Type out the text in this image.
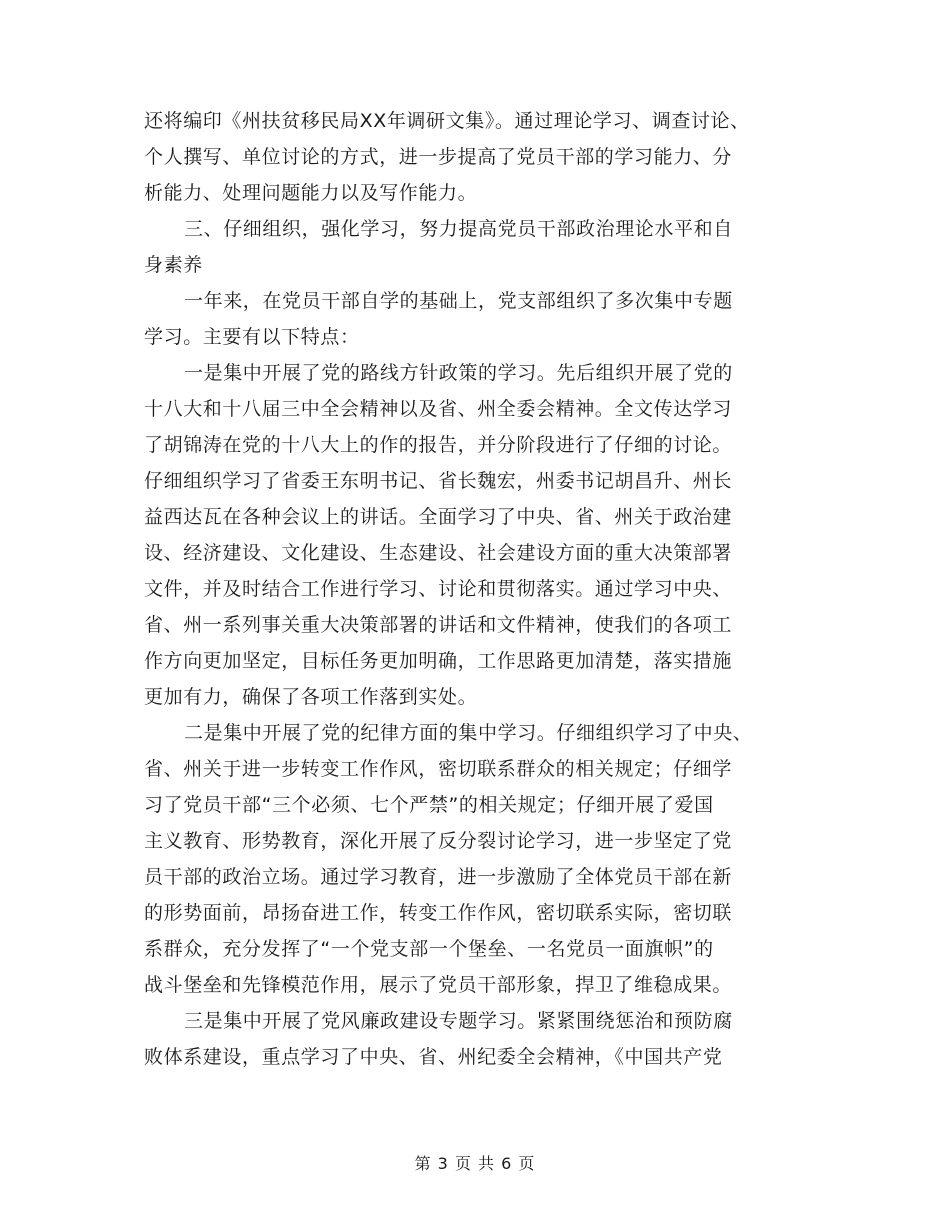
还将编印《州扶贫移民局XX年调研文集》。通过理论学习、调查讨论、
个人撰写、单位讨论的方式，进一步提高了党员干部的学习能力、分
析能力、处理问题能力以及写作能力。
三、仔细组织，强化学习，努力提高党员干部政治理论水平和自
身素养
一年来，在党员干部自学的基础上，党支部组织了多次集中专题
学习。主要有以下特点：
一是集中开展了党的路线方针政策的学习。先后组织开展了党的
十八大和十八届三中全会精神以及省、州全委会精神。全文传达学习
了胡锦涛在党的十八大上的作的报告，并分阶段进行了仔细的讨论。
仔细组织学习了省委王东明书记、省长魏宏，州委书记胡昌升、州长
益西达瓦在各种会议上的讲话。全面学习了中央、省、州关于政治建
设、经济建设、文化建设、生态建设、社会建设方面的重大决策部署
文件，并及时结合工作进行学习、讨论和贯彻落实。通过学习中央、
省、州一系列事关重大决策部署的讲话和文件精神，使我们的各项工
作方向更加坚定，目标任务更加明确，工作思路更加清楚，落实措施
更加有力，确保了各项工作落到实处。
二是集中开展了党的纪律方面的集中学习。仔细组织学习了中央、
省、州关于进一步转变工作作风，密切联系群众的相关规定；仔细学
习了党员干部“三个必须、七个严禁”的相关规定；仔细开展了爱国
主义教育、形势教育，深化开展了反分裂讨论学习，进一步坚定了党
员干部的政治立场。通过学习教育，进一步激励了全体党员干部在新
的形势面前，昂扬奋进工作，转变工作作风，密切联系实际，密切联
系群众，充分发挥了“一个党支部一个堡垒、一名党员一面旗帜”的
战斗堡垒和先锋模范作用，展示了党员干部形象，捍卫了维稳成果。
三是集中开展了党风廉政建设专题学习。紧紧围绕惩治和预防腐
败体系建设，重点学习了中央、省、州纪委全会精神，《中国共产党
第 3 页 共 6 页
